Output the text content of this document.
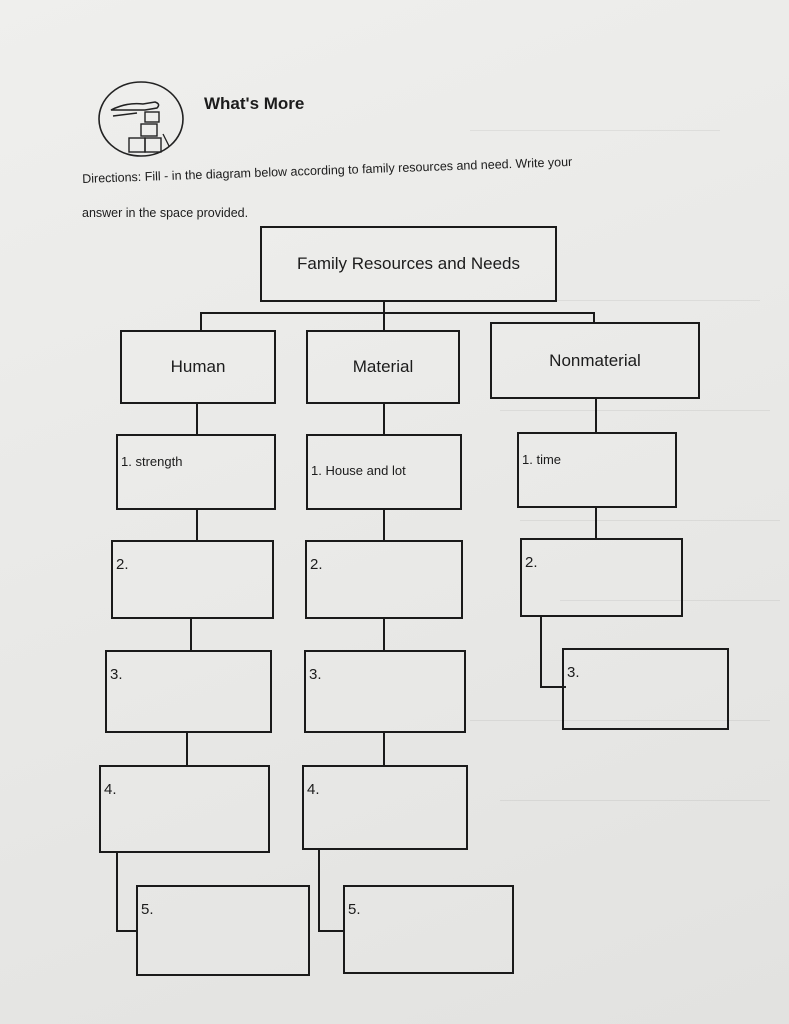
What's More
Directions: Fill - in the diagram below according to family resources and need. Write your
answer in the space provided.
Family Resources and Needs
Human	Material	Nonmaterial
1. strength
2.
3.
4.
5.
1. House and lot
2.
3.
4.
5.
1. time
2.
3.
